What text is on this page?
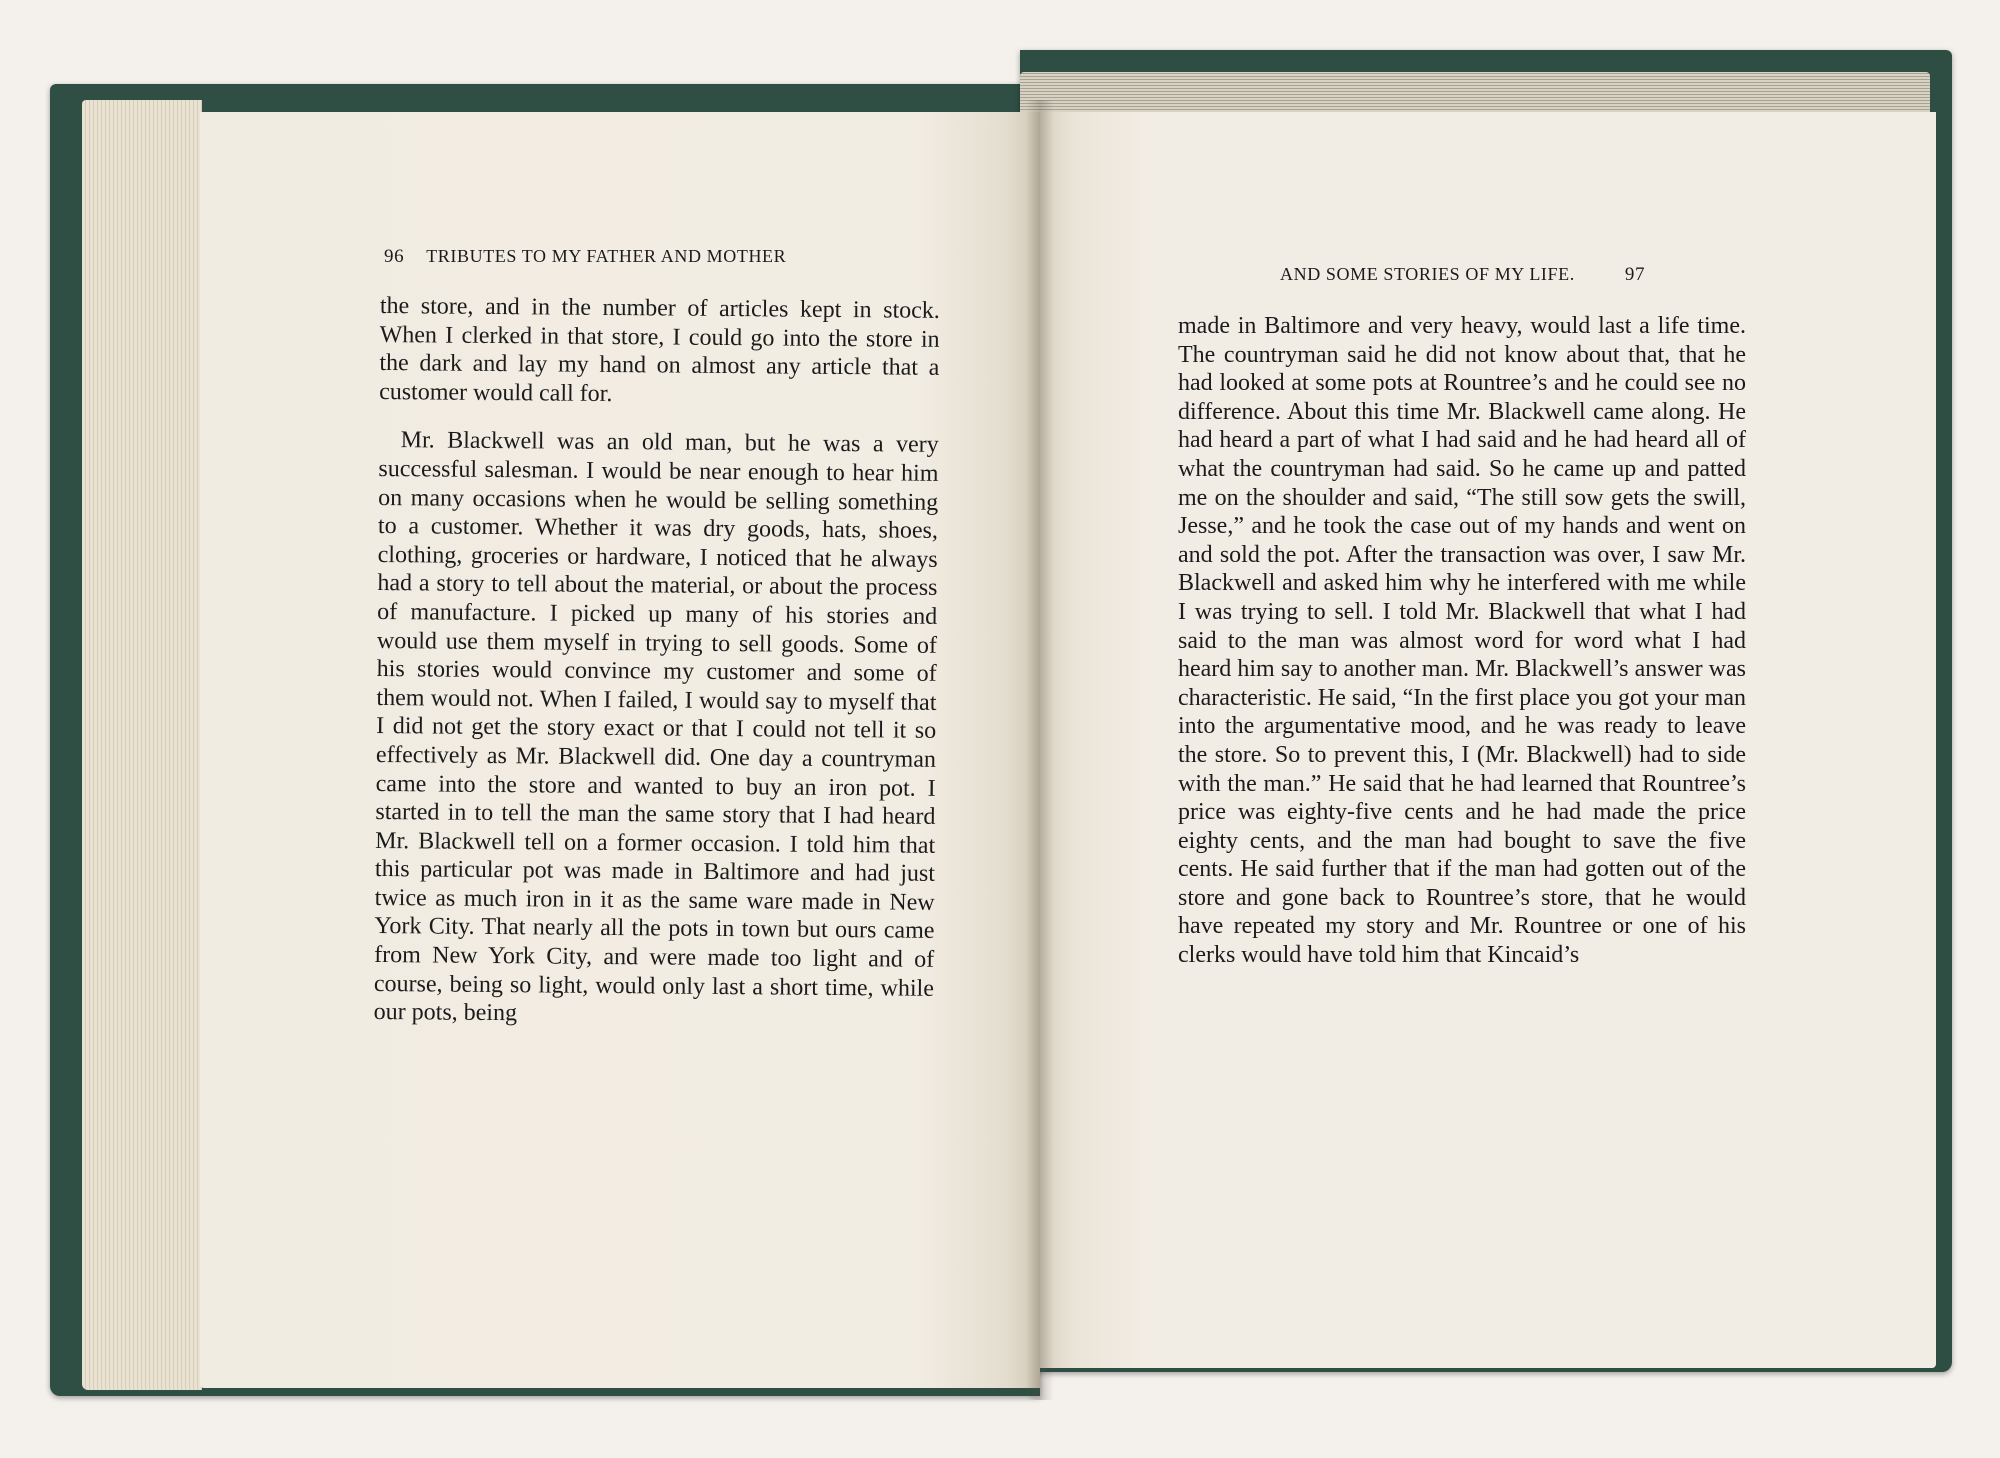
96 TRIBUTES TO MY FATHER AND MOTHER

the store, and in the number of articles kept in stock. When I clerked in that store, I could go into the store in the dark and lay my hand on almost any article that a customer would call for.

Mr. Blackwell was an old man, but he was a very successful salesman. I would be near enough to hear him on many occasions when he would be selling something to a customer. Whether it was dry goods, hats, shoes, clothing, groceries or hardware, I noticed that he always had a story to tell about the material, or about the process of manufacture. I picked up many of his stories and would use them myself in trying to sell goods. Some of his stories would convince my customer and some of them would not. When I failed, I would say to myself that I did not get the story exact or that I could not tell it so effectively as Mr. Blackwell did. One day a countryman came into the store and wanted to buy an iron pot. I started in to tell the man the same story that I had heard Mr. Blackwell tell on a former occasion. I told him that this particular pot was made in Baltimore and had just twice as much iron in it as the same ware made in New York City. That nearly all the pots in town but ours came from New York City, and were made too light and of course, being so light, would only last a short time, while our pots, being

AND SOME STORIES OF MY LIFE.	97

made in Baltimore and very heavy, would last a life time. The countryman said he did not know about that, that he had looked at some pots at Rountree’s and he could see no difference. About this time Mr. Blackwell came along. He had heard a part of what I had said and he had heard all of what the countryman had said. So he came up and patted me on the shoulder and said, “The still sow gets the swill, Jesse,” and he took the case out of my hands and went on and sold the pot. After the transaction was over, I saw Mr. Blackwell and asked him why he interfered with me while I was trying to sell. I told Mr. Blackwell that what I had said to the man was almost word for word what I had heard him say to another man. Mr. Blackwell’s answer was characteristic. He said, “In the first place you got your man into the argumentative mood, and he was ready to leave the store. So to prevent this, I (Mr. Blackwell) had to side with the man.” He said that he had learned that Rountree’s price was eighty-five cents and he had made the price eighty cents, and the man had bought to save the five cents. He said further that if the man had gotten out of the store and gone back to Rountree’s store, that he would have repeated my story and Mr. Rountree or one of his clerks would have told him that Kincaid’s
